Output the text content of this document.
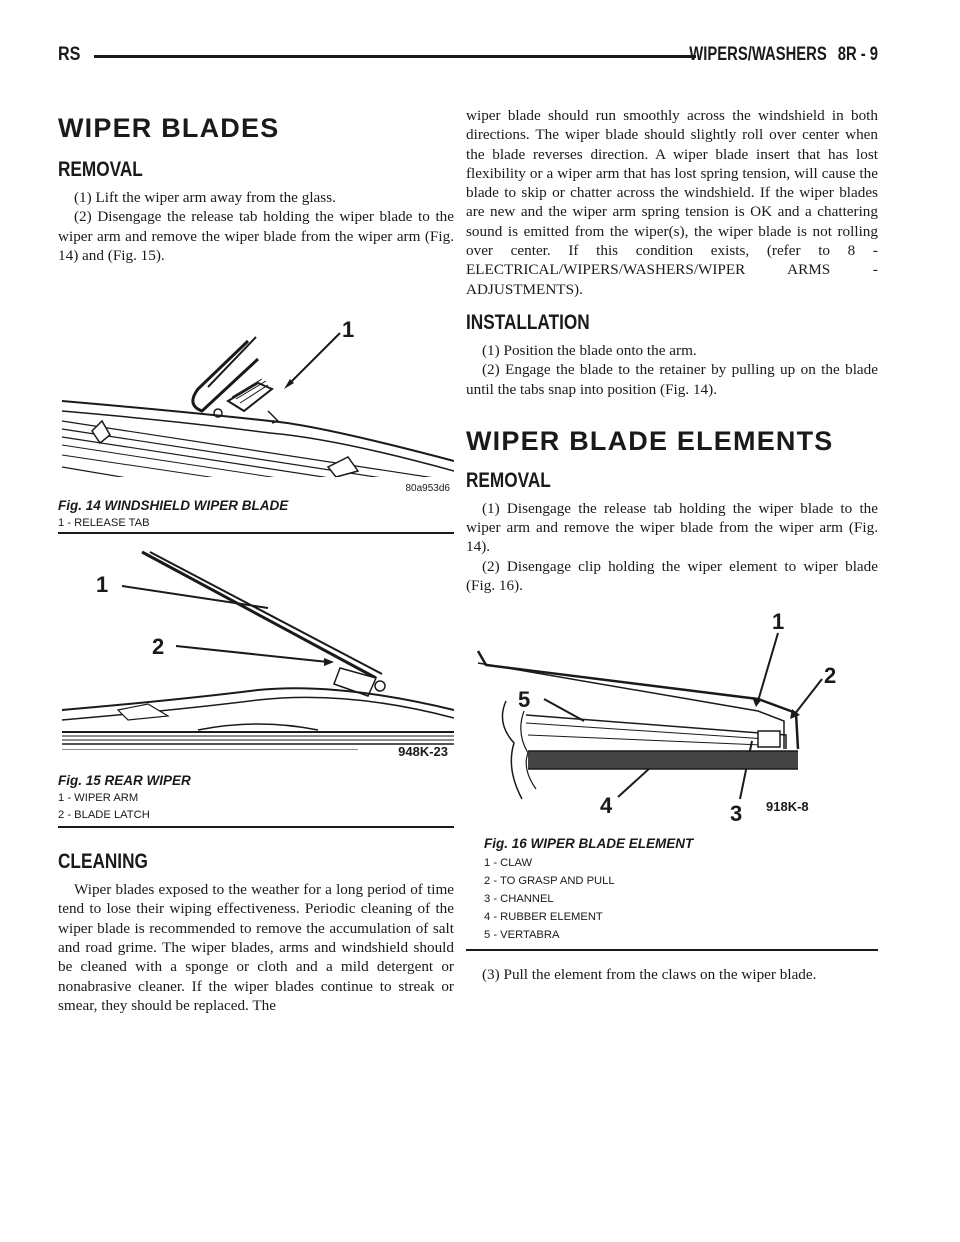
RS	WIPERS/WASHERS 8R - 9
WIPER BLADES
REMOVAL

(1) Lift the wiper arm away from the glass.

(2) Disengage the release tab holding the wiper blade to the wiper arm and remove the wiper blade from the wiper arm (Fig. 14) and (Fig. 15).

1
80a953d6
Fig. 14 WINDSHIELD WIPER BLADE
1 - RELEASE TAB
1
2
948K-23
Fig. 15 REAR WIPER
1 - WIPER ARM
2 - BLADE LATCH
CLEANING

Wiper blades exposed to the weather for a long period of time tend to lose their wiping effectiveness. Periodic cleaning of the wiper blade is recommended to remove the accumulation of salt and road grime. The wiper blades, arms and windshield should be cleaned with a sponge or cloth and a mild detergent or nonabrasive cleaner. If the wiper blades continue to streak or smear, they should be replaced. The

wiper blade should run smoothly across the windshield in both directions. The wiper blade should slightly roll over center when the blade reverses direction. A wiper blade insert that has lost flexibility or a wiper arm that has lost spring tension, will cause the blade to skip or chatter across the windshield. If the wiper blades are new and the wiper arm spring tension is OK and a chattering sound is emitted from the wiper(s), the wiper blade is not rolling over center. If this condition exists, (refer to 8 - ELECTRICAL/WIPERS/WASHERS/WIPER ARMS - ADJUSTMENTS).

INSTALLATION

(1) Position the blade onto the arm.

(2) Engage the blade to the retainer by pulling up on the blade until the tabs snap into position (Fig. 14).

WIPER BLADE ELEMENTS
REMOVAL

(1) Disengage the release tab holding the wiper blade to the wiper arm and remove the wiper blade from the wiper arm (Fig. 14).

(2) Disengage clip holding the wiper element to wiper blade (Fig. 16).

1
2
3
4
5
918K-8
Fig. 16 WIPER BLADE ELEMENT
1 - CLAW
2 - TO GRASP AND PULL
3 - CHANNEL
4 - RUBBER ELEMENT
5 - VERTABRA

(3) Pull the element from the claws on the wiper blade.
